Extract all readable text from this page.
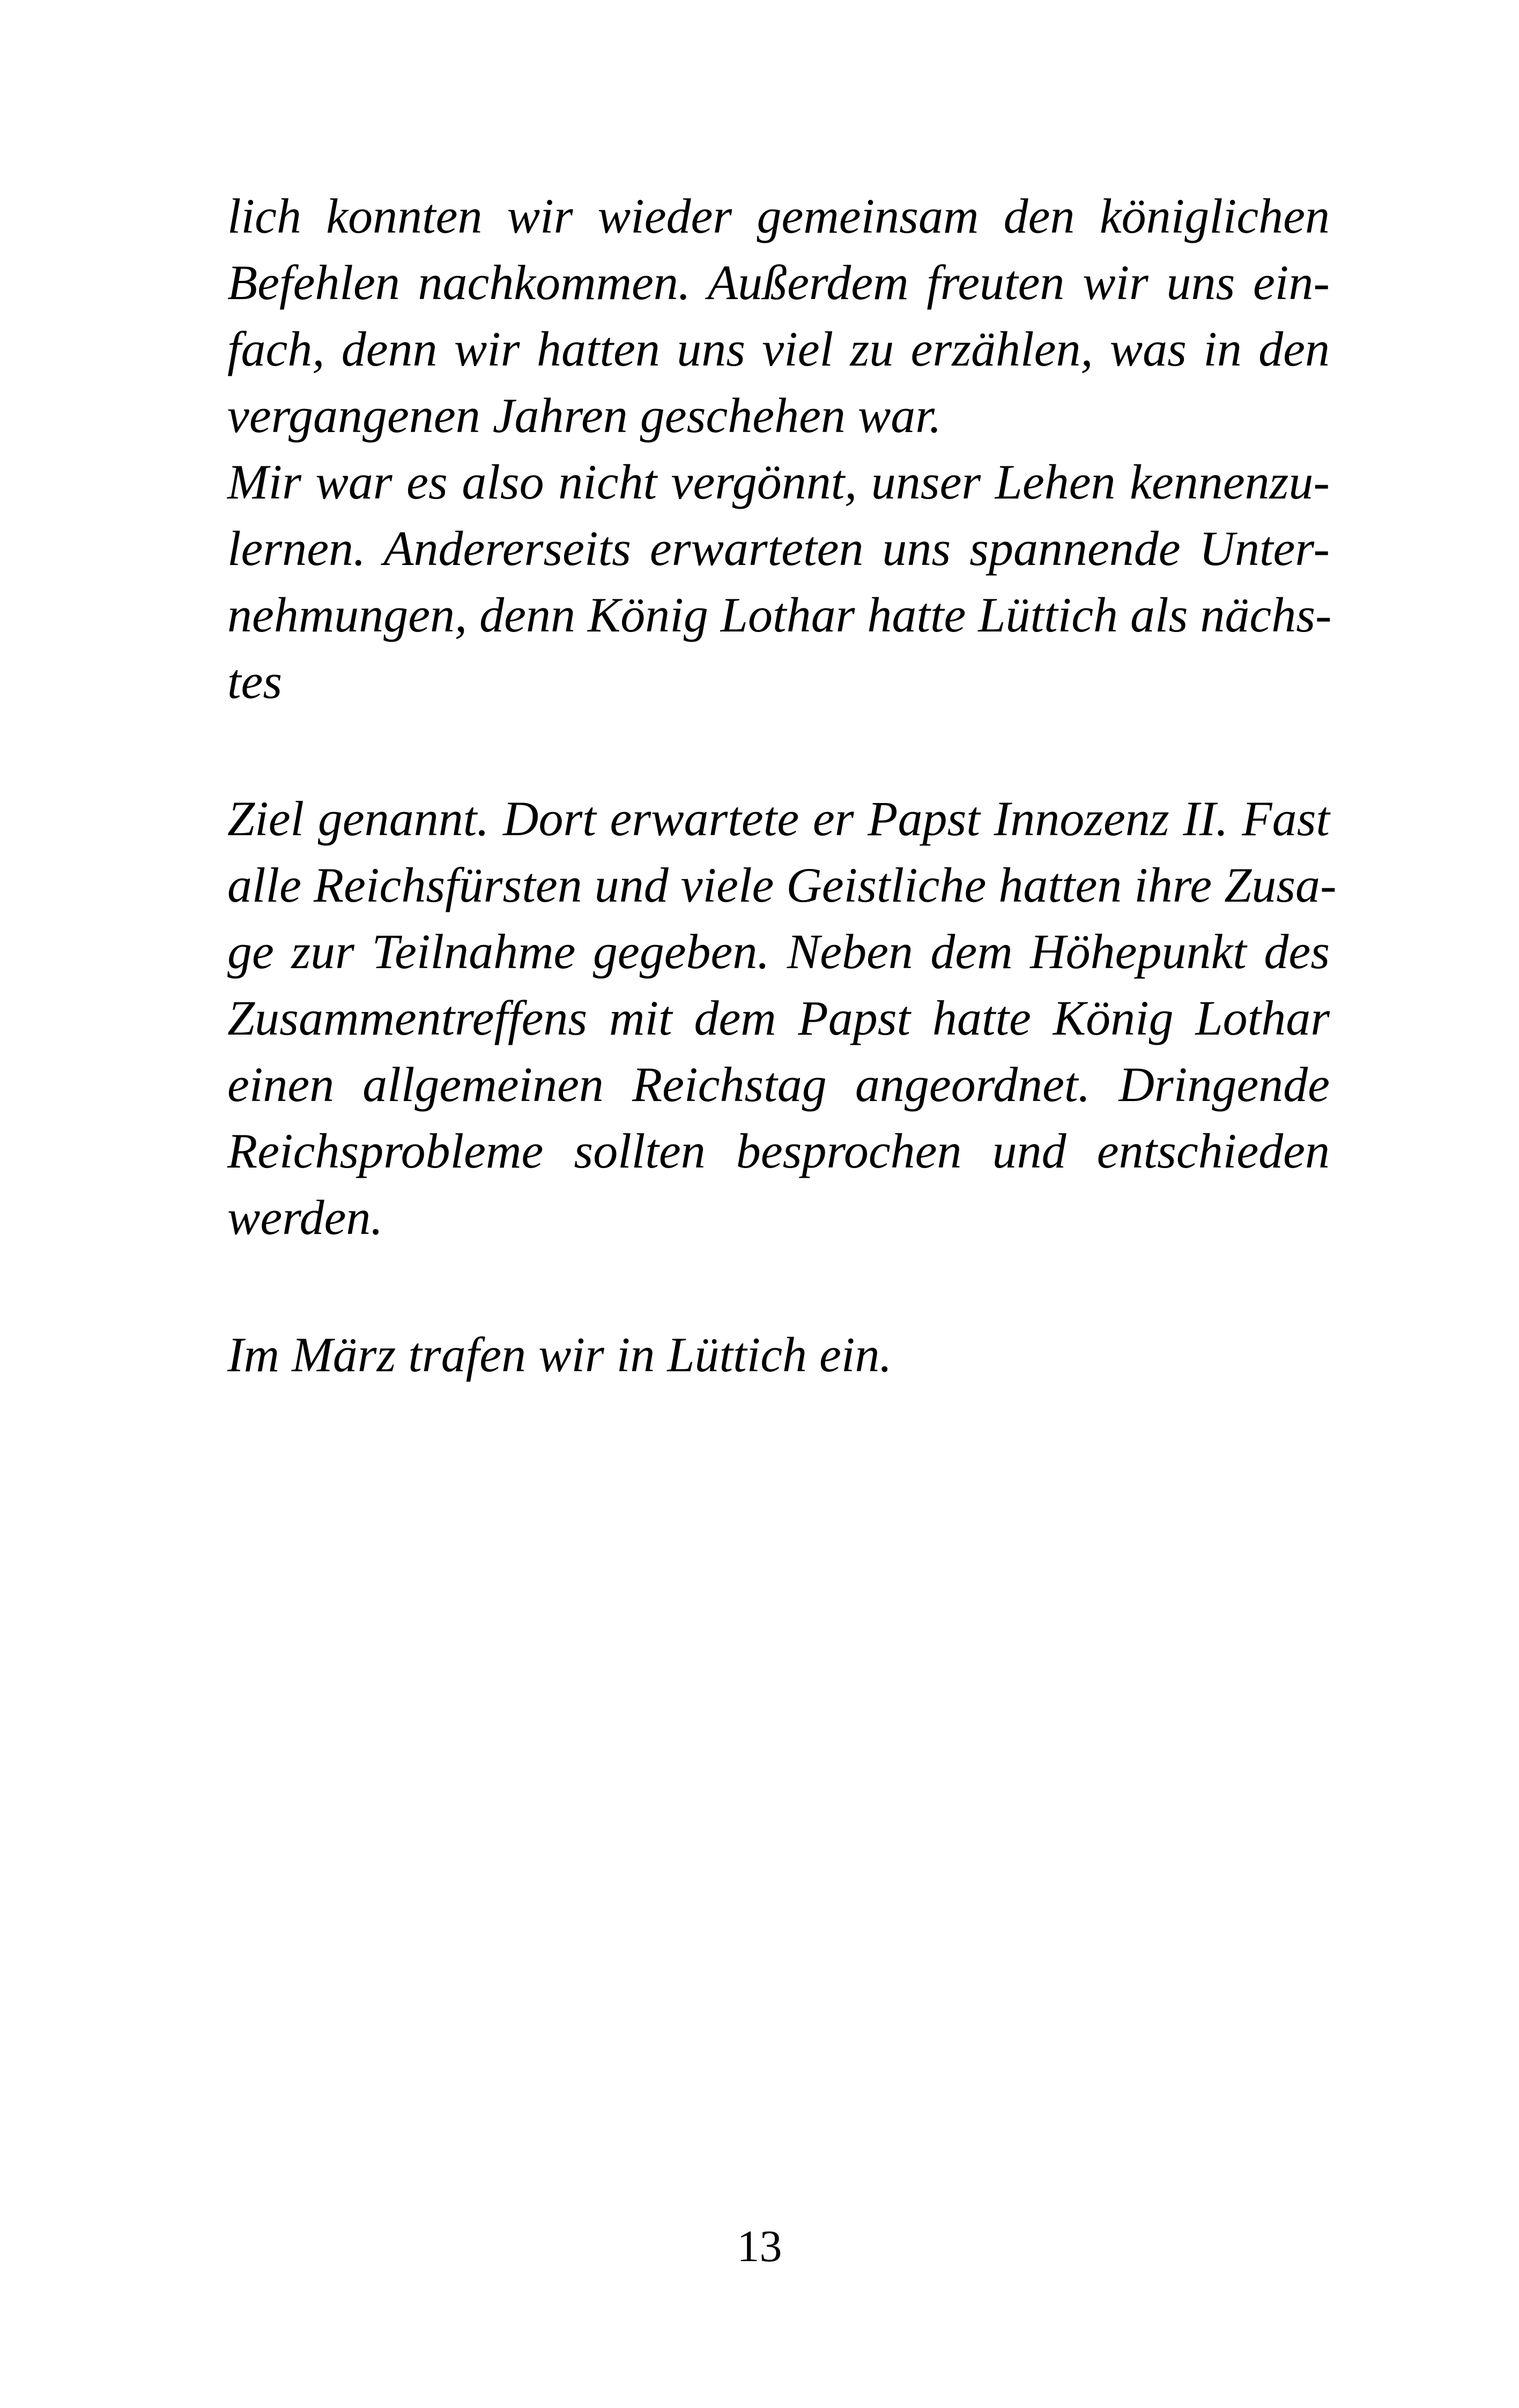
lich konnten wir wieder gemeinsam den königlichen
Befehlen nachkommen. Außerdem freuten wir uns ein-
fach, denn wir hatten uns viel zu erzählen, was in den
vergangenen Jahren geschehen war.
Mir war es also nicht vergönnt, unser Lehen kennenzu-
lernen. Andererseits erwarteten uns spannende Unter-
nehmungen, denn König Lothar hatte Lüttich als nächs-
tes
Ziel genannt. Dort erwartete er Papst Innozenz II. Fast
alle Reichsfürsten und viele Geistliche hatten ihre Zusa-
ge zur Teilnahme gegeben. Neben dem Höhepunkt des
Zusammentreffens mit dem Papst hatte König Lothar
einen allgemeinen Reichstag angeordnet. Dringende
Reichsprobleme sollten besprochen und entschieden
werden.
Im März trafen wir in Lüttich ein.
13
